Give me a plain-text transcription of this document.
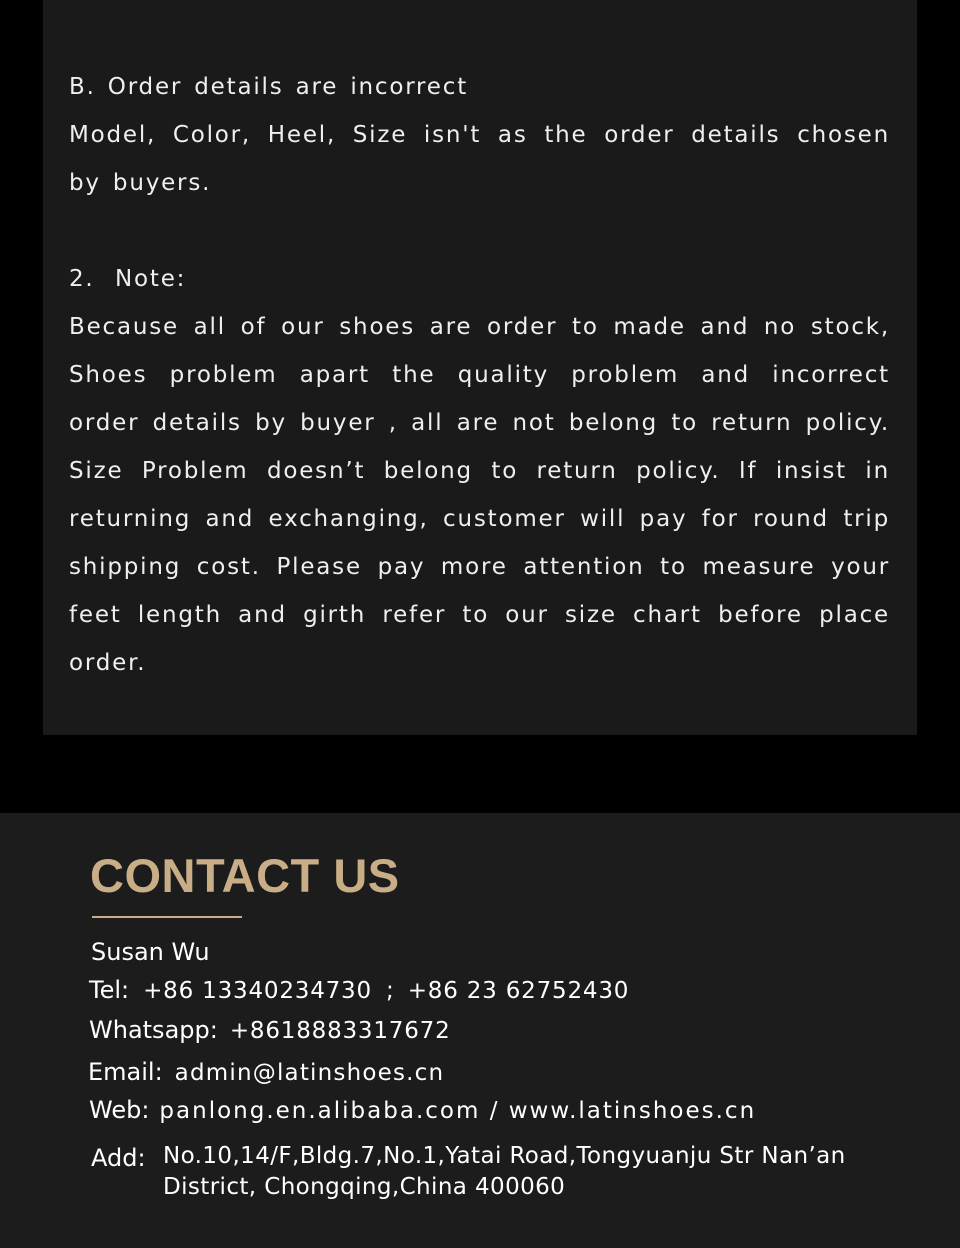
B. Order details are incorrect
Model, Color, Heel, Size isn't as the order details chosen by buyers.
2. Note:
Because all of our shoes are order to made and no stock, Shoes problem apart the quality problem and incorrect order details by buyer , all are not belong to return policy. Size Problem doesn’t belong to return policy. If insist in returning and exchanging, customer will pay for round trip shipping cost. Please pay more attention to measure your feet length and girth refer to our size chart before place order.
CONTACT US
Susan Wu
Tel: +86 13340234730 ; +86 23 62752430
Whatsapp: +8618883317672
Email: admin@latinshoes.cn
Web: panlong.en.alibaba.com / www.latinshoes.cn
Add: No.10,14/F,Bldg.7,No.1,Yatai Road,Tongyuanju Str Nan’an District, Chongqing,China 400060
